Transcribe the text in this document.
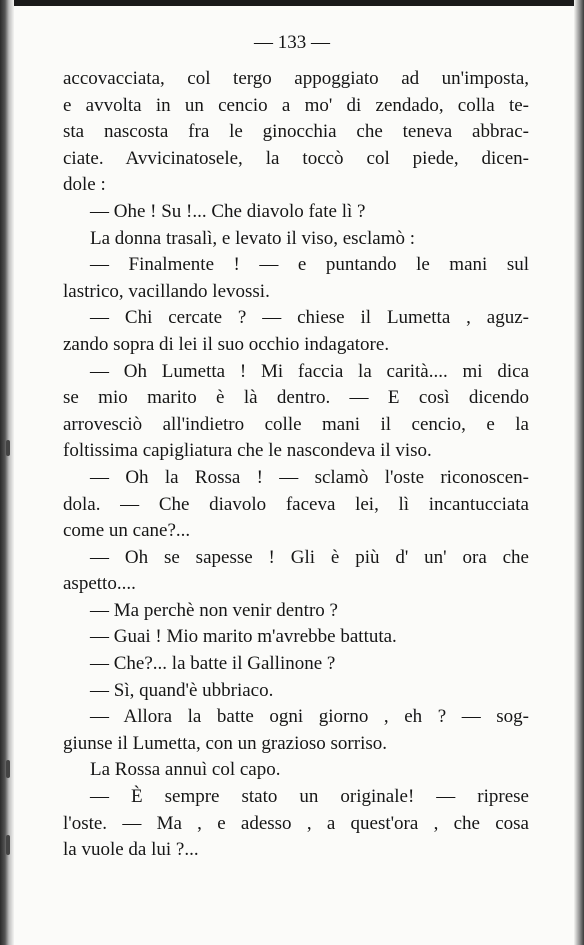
— 133 —
accovacciata, col tergo appoggiato ad un'imposta,
e avvolta in un cencio a mo' di zendado, colla te-
sta nascosta fra le ginocchia che teneva abbrac-
ciate. Avvicinatosele, la toccò col piede, dicen-
dole :
— Ohe ! Su !... Che diavolo fate lì ?
La donna trasalì, e levato il viso, esclamò :
— Finalmente ! — e puntando le mani sul
lastrico, vacillando levossi.
— Chi cercate ? — chiese il Lumetta , aguz-
zando sopra di lei il suo occhio indagatore.
— Oh Lumetta ! Mi faccia la carità.... mi dica
se mio marito è là dentro. — E così dicendo
arrovesciò all'indietro colle mani il cencio, e la
foltissima capigliatura che le nascondeva il viso.
— Oh la Rossa ! — sclamò l'oste riconoscen-
dola. — Che diavolo faceva lei, lì incantucciata
come un cane?...
— Oh se sapesse ! Gli è più d' un' ora che
aspetto....
— Ma perchè non venir dentro ?
— Guai ! Mio marito m'avrebbe battuta.
— Che?... la batte il Gallinone ?
— Sì, quand'è ubbriaco.
— Allora la batte ogni giorno , eh ? — sog-
giunse il Lumetta, con un grazioso sorriso.
La Rossa annuì col capo.
— È sempre stato un originale! — riprese
l'oste. — Ma , e adesso , a quest'ora , che cosa
la vuole da lui ?...
